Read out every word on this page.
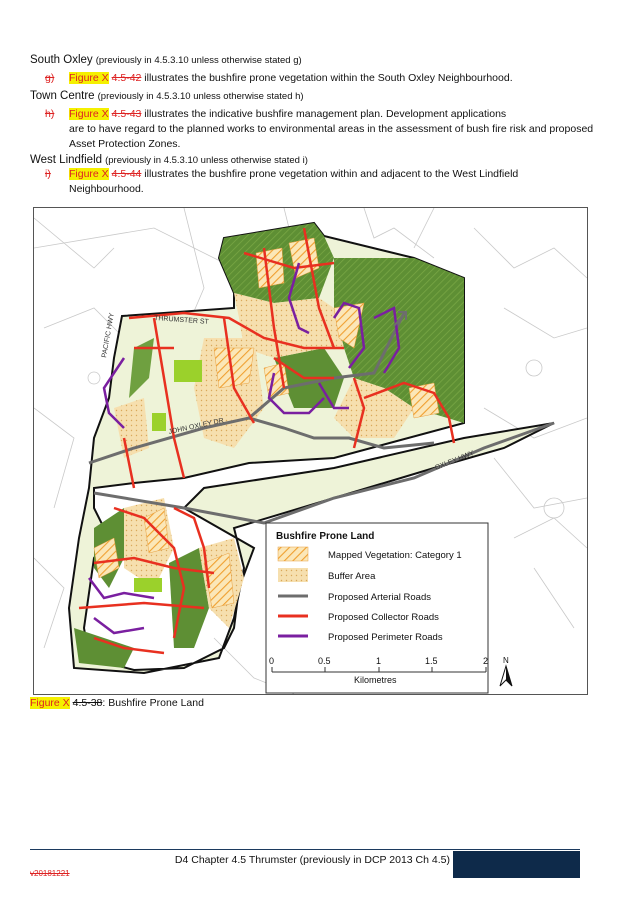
South Oxley (previously in 4.5.3.10 unless otherwise stated g)
g) Figure X 4.5-42 illustrates the bushfire prone vegetation within the South Oxley Neighbourhood.
Town Centre (previously in 4.5.3.10 unless otherwise stated h)
h) Figure X 4.5-43 illustrates the indicative bushfire management plan. Development applications
are to have regard to the planned works to environmental areas in the assessment of bush fire risk and proposed Asset Protection Zones.
West Lindfield (previously in 4.5.3.10 unless otherwise stated i)
i) Figure X 4.5-44 illustrates the bushfire prone vegetation within and adjacent to the West Lindfield
Neighbourhood.
THRUMSTER ST
PACIFIC HWY
JOHN OXLEY DR
OXLEY HWY
Bushfire Prone Land
Mapped Vegetation: Category 1
Buffer Area
Proposed Arterial Roads
Proposed Collector Roads
Proposed Perimeter Roads
0	0.5	1	1.5	2
Kilometres
N
Figure X 4.5-38: Bushfire Prone Land
D4 Chapter 4.5 Thrumster (previously in DCP 2013 Ch 4.5)
v20181221
